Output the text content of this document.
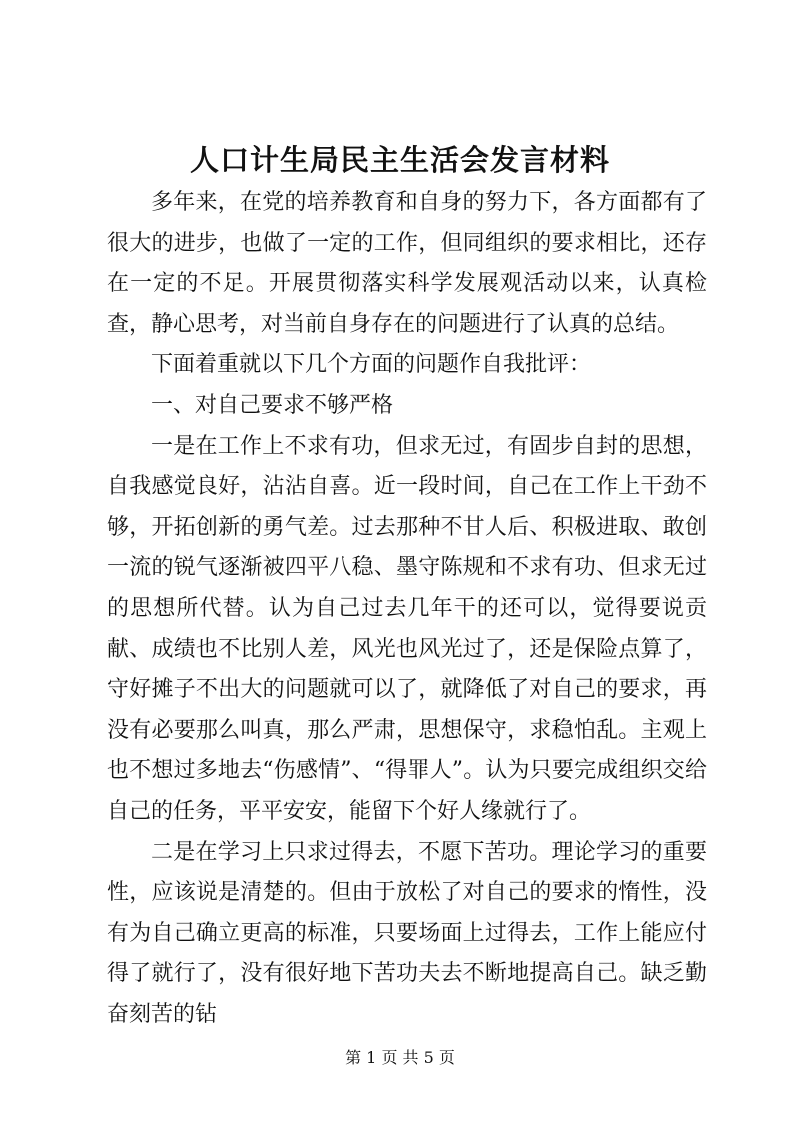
人口计生局民主生活会发言材料

多年来，在党的培养教育和自身的努力下，各方面都有了很大的进步，也做了一定的工作，但同组织的要求相比，还存在一定的不足。开展贯彻落实科学发展观活动以来，认真检查，静心思考，对当前自身存在的问题进行了认真的总结。

下面着重就以下几个方面的问题作自我批评：

一、对自己要求不够严格

一是在工作上不求有功，但求无过，有固步自封的思想，自我感觉良好，沾沾自喜。近一段时间，自己在工作上干劲不够，开拓创新的勇气差。过去那种不甘人后、积极进取、敢创一流的锐气逐渐被四平八稳、墨守陈规和不求有功、但求无过的思想所代替。认为自己过去几年干的还可以，觉得要说贡献、成绩也不比别人差，风光也风光过了，还是保险点算了，守好摊子不出大的问题就可以了，就降低了对自己的要求，再没有必要那么叫真，那么严肃，思想保守，求稳怕乱。主观上也不想过多地去“伤感情”、“得罪人”。认为只要完成组织交给自己的任务，平平安安，能留下个好人缘就行了。

二是在学习上只求过得去，不愿下苦功。理论学习的重要性，应该说是清楚的。但由于放松了对自己的要求的惰性，没有为自己确立更高的标准，只要场面上过得去，工作上能应付得了就行了，没有很好地下苦功夫去不断地提高自己。缺乏勤奋刻苦的钻

第 1 页 共 5 页
